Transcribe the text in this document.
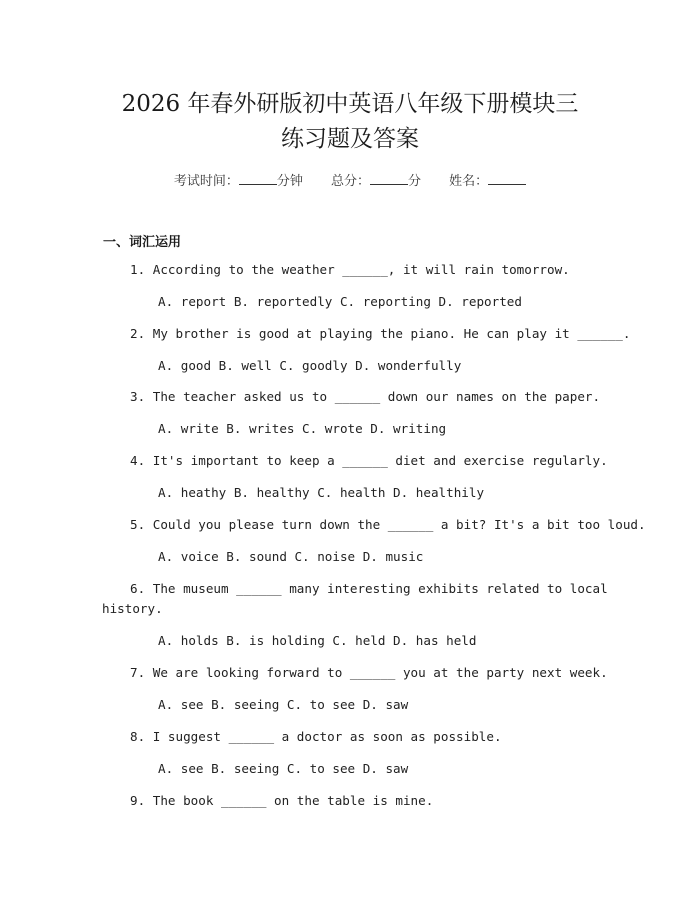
2026 年春外研版初中英语八年级下册模块三
练习题及答案
考试时间：	分钟 总分：	分 姓名：
一、词汇运用
1. According to the weather ______, it will rain tomorrow.
A. report B. reportedly C. reporting D. reported
2. My brother is good at playing the piano. He can play it ______.
A. good B. well C. goodly D. wonderfully
3. The teacher asked us to ______ down our names on the paper.
A. write B. writes C. wrote D. writing
4. It's important to keep a ______ diet and exercise regularly.
A. heathy B. healthy C. health D. healthily
5. Could you please turn down the ______ a bit? It's a bit too loud.
A. voice B. sound C. noise D. music
6. The museum ______ many interesting exhibits related to local
history.
A. holds B. is holding C. held D. has held
7. We are looking forward to ______ you at the party next week.
A. see B. seeing C. to see D. saw
8. I suggest ______ a doctor as soon as possible.
A. see B. seeing C. to see D. saw
9. The book ______ on the table is mine.
